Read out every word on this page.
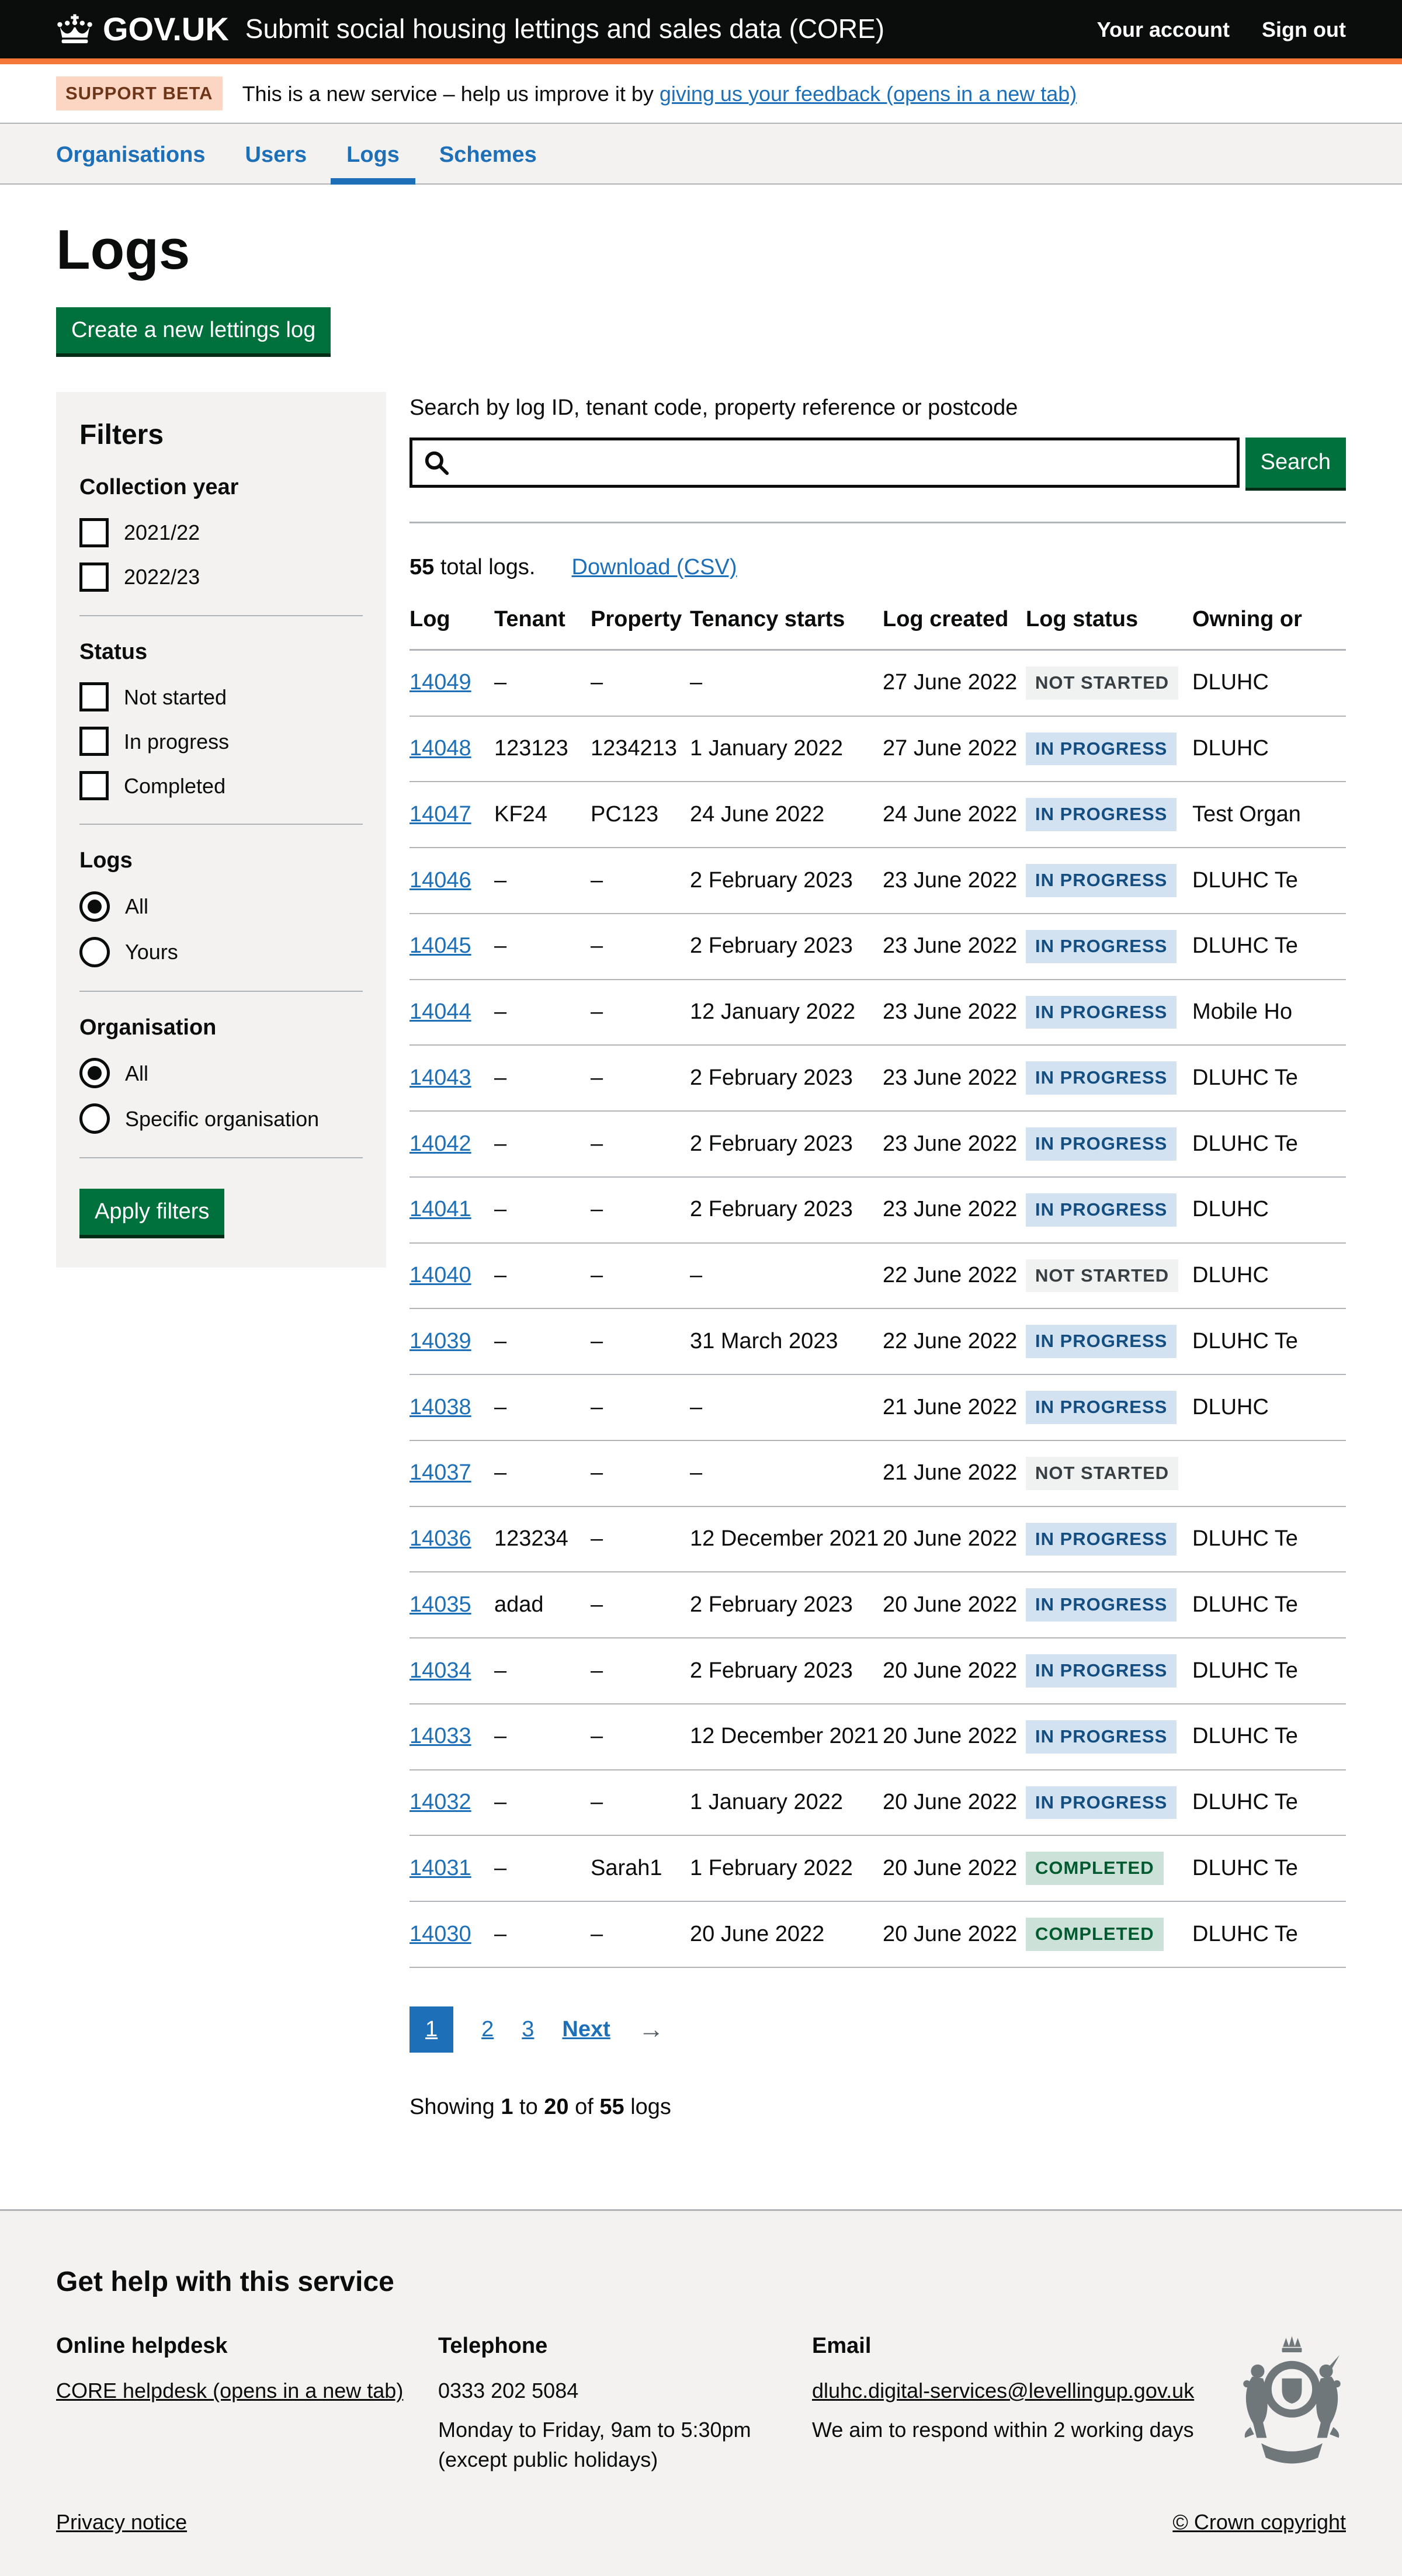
GOV.UK Submit social housing lettings and sales data (CORE)	Your account Sign out
SUPPORT BETA	This is a new service – help us improve it by giving us your feedback (opens in a new tab)
Organisations	Users	Logs	Schemes
Logs
Create a new lettings log
Filters
Collection year
2021/22
2022/23
Status
Not started
In progress
Completed
Logs
All
Yours
Organisation
All
Specific organisation
Apply filters
Search by log ID, tenant code, property reference or postcode
Search
55 total logs. Download (CSV)
Log	Tenant	Property	Tenancy starts	Log created	Log status	Owning or
14049	–	–	–	27 June 2022	NOT STARTED	DLUHC
14048	123123	1234213	1 January 2022	27 June 2022	IN PROGRESS	DLUHC
14047	KF24	PC123	24 June 2022	24 June 2022	IN PROGRESS	Test Organ
14046	–	–	2 February 2023	23 June 2022	IN PROGRESS	DLUHC Te
14045	–	–	2 February 2023	23 June 2022	IN PROGRESS	DLUHC Te
14044	–	–	12 January 2022	23 June 2022	IN PROGRESS	Mobile Ho
14043	–	–	2 February 2023	23 June 2022	IN PROGRESS	DLUHC Te
14042	–	–	2 February 2023	23 June 2022	IN PROGRESS	DLUHC Te
14041	–	–	2 February 2023	23 June 2022	IN PROGRESS	DLUHC
14040	–	–	–	22 June 2022	NOT STARTED	DLUHC
14039	–	–	31 March 2023	22 June 2022	IN PROGRESS	DLUHC Te
14038	–	–	–	21 June 2022	IN PROGRESS	DLUHC
14037	–	–	–	21 June 2022	NOT STARTED	
14036	123234	–	12 December 2021	20 June 2022	IN PROGRESS	DLUHC Te
14035	adad	–	2 February 2023	20 June 2022	IN PROGRESS	DLUHC Te
14034	–	–	2 February 2023	20 June 2022	IN PROGRESS	DLUHC Te
14033	–	–	12 December 2021	20 June 2022	IN PROGRESS	DLUHC Te
14032	–	–	1 January 2022	20 June 2022	IN PROGRESS	DLUHC Te
14031	–	Sarah1	1 February 2022	20 June 2022	COMPLETED	DLUHC Te
14030	–	–	20 June 2022	20 June 2022	COMPLETED	DLUHC Te
1	2 3 Next →

Showing 1 to 20 of 55 logs

Get help with this service
Online helpdesk

CORE helpdesk (opens in a new tab)

Telephone

0333 202 5084

Monday to Friday, 9am to 5:30pm

(except public holidays)

Email

dluhc.digital-services@levellingup.gov.uk

We aim to respond within 2 working days

Privacy notice	© Crown copyright
